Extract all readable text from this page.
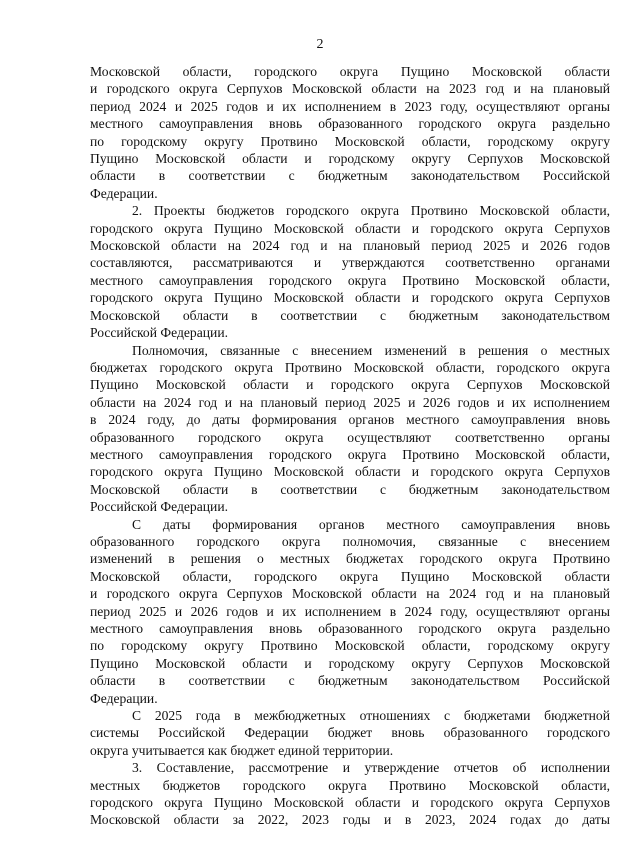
2
Московской области, городского округа Пущино Московской области
и городского округа Серпухов Московской области на 2023 год и на плановый
период 2024 и 2025 годов и их исполнением в 2023 году, осуществляют органы
местного самоуправления вновь образованного городского округа раздельно
по городскому округу Протвино Московской области, городскому округу
Пущино Московской области и городскому округу Серпухов Московской
области в соответствии с бюджетным законодательством Российской
Федерации.
2. Проекты бюджетов городского округа Протвино Московской области,
городского округа Пущино Московской области и городского округа Серпухов
Московской области на 2024 год и на плановый период 2025 и 2026 годов
составляются, рассматриваются и утверждаются соответственно органами
местного самоуправления городского округа Протвино Московской области,
городского округа Пущино Московской области и городского округа Серпухов
Московской области в соответствии с бюджетным законодательством
Российской Федерации.
Полномочия, связанные с внесением изменений в решения о местных
бюджетах городского округа Протвино Московской области, городского округа
Пущино Московской области и городского округа Серпухов Московской
области на 2024 год и на плановый период 2025 и 2026 годов и их исполнением
в 2024 году, до даты формирования органов местного самоуправления вновь
образованного городского округа осуществляют соответственно органы
местного самоуправления городского округа Протвино Московской области,
городского округа Пущино Московской области и городского округа Серпухов
Московской области в соответствии с бюджетным законодательством
Российской Федерации.
С даты формирования органов местного самоуправления вновь
образованного городского округа полномочия, связанные с внесением
изменений в решения о местных бюджетах городского округа Протвино
Московской области, городского округа Пущино Московской области
и городского округа Серпухов Московской области на 2024 год и на плановый
период 2025 и 2026 годов и их исполнением в 2024 году, осуществляют органы
местного самоуправления вновь образованного городского округа раздельно
по городскому округу Протвино Московской области, городскому округу
Пущино Московской области и городскому округу Серпухов Московской
области в соответствии с бюджетным законодательством Российской
Федерации.
С 2025 года в межбюджетных отношениях с бюджетами бюджетной
системы Российской Федерации бюджет вновь образованного городского
округа учитывается как бюджет единой территории.
3. Составление, рассмотрение и утверждение отчетов об исполнении
местных бюджетов городского округа Протвино Московской области,
городского округа Пущино Московской области и городского округа Серпухов
Московской области за 2022, 2023 годы и в 2023, 2024 годах до даты
